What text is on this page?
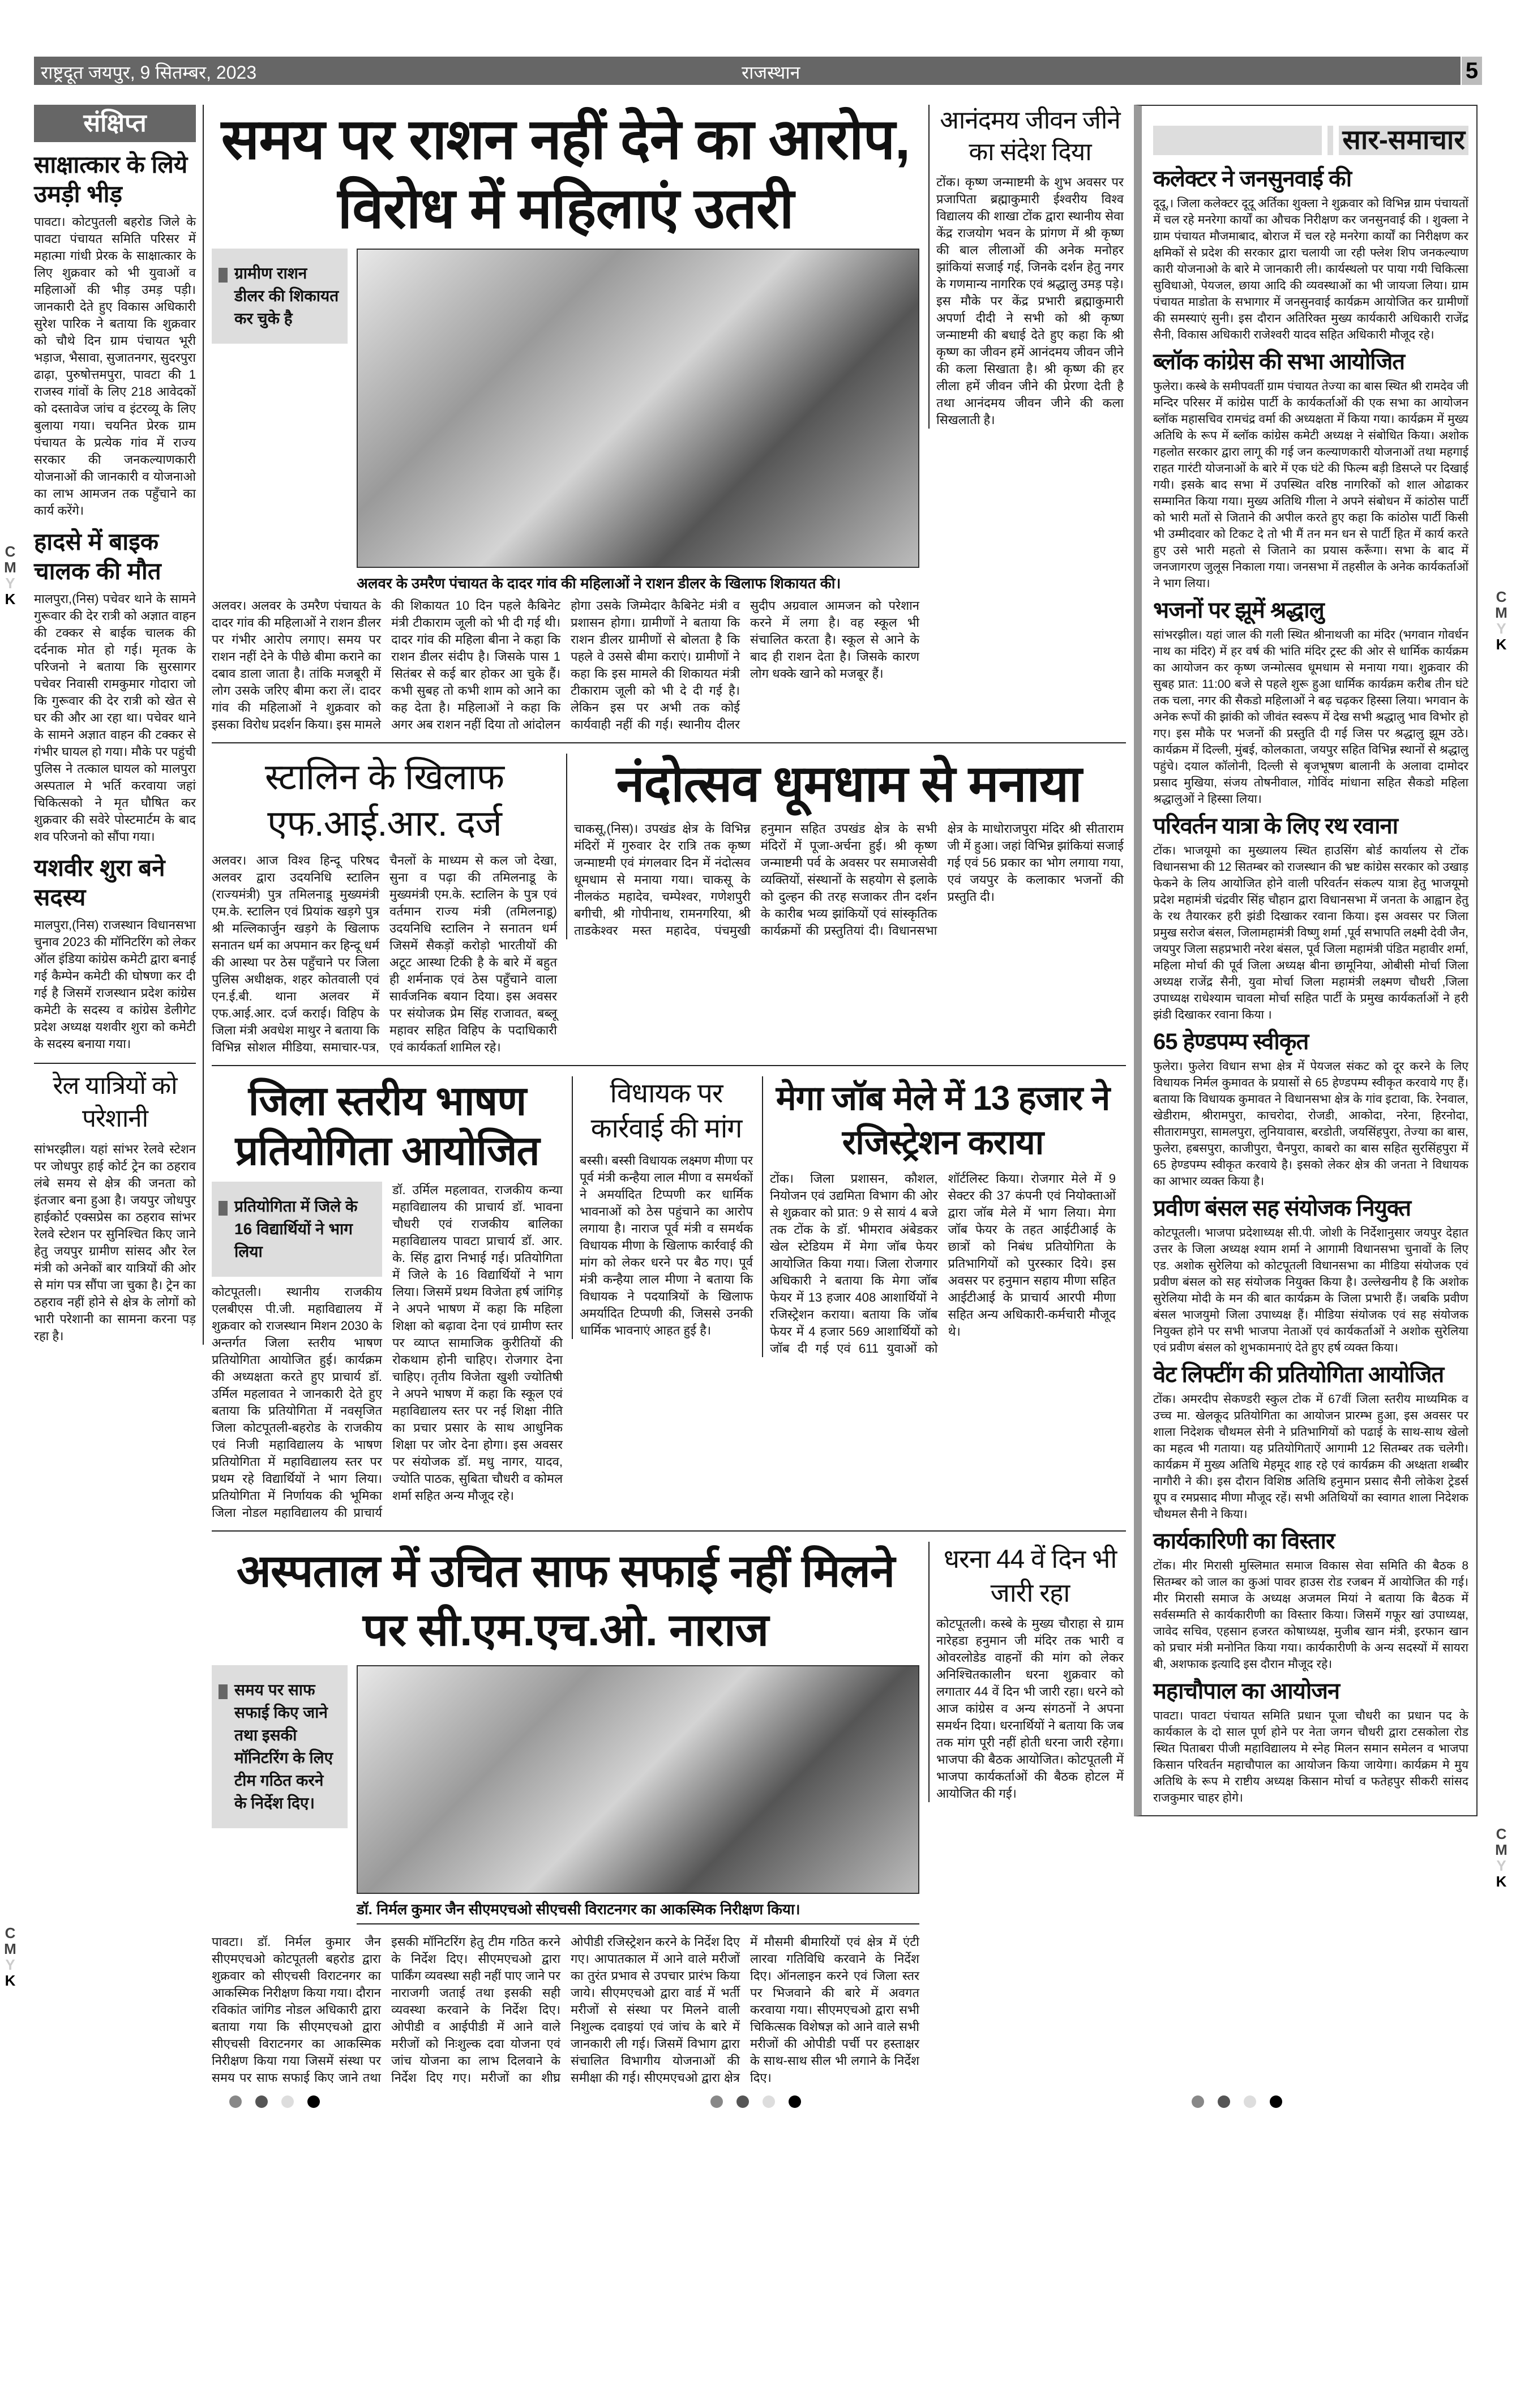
राष्ट्रदूत जयपुर, 9 सितम्बर, 2023	राजस्थान	5
C
M
Y
K	C
M
Y
K
C
M
Y
K
C
M
Y
K
संक्षिप्त
साक्षात्कार के लिये उमड़ी भीड़

पावटा। कोटपुतली बहरोड जिले के पावटा पंचायत समिति परिसर में महात्मा गांधी प्रेरक के साक्षात्कार के लिए शुक्रवार को भी युवाओं व महिलाओं की भीड़ उमड़ पड़ी। जानकारी देते हुए विकास अधिकारी सुरेश पारिक ने बताया कि शुक्रवार को चौथे दिन ग्राम पंचायत भूरी भड़ाज, भैसावा, सुजातनगर, सुदरपुरा ढाढ़ा, पुरुषोत्तमपुरा, पावटा की 1 राजस्व गांवों के लिए 218 आवेदकों को दस्तावेज जांच व इंटरव्यू के लिए बुलाया गया। चयनित प्रेरक ग्राम पंचायत के प्रत्येक गांव में राज्य सरकार की जनकल्याणकारी योजनाओं की जानकारी व योजनाओ का लाभ आमजन तक पहुँचाने का कार्य करेंगे।

हादसे में बाइक चालक की मौत

मालपुरा,(निस) पचेवर थाने के सामने गुरूवार की देर रात्री को अज्ञात वाहन की टक्कर से बाईक चालक की दर्दनाक मोत हो गई। मृतक के परिजनो ने बताया कि सुरसागर पचेवर निवासी रामकुमार गोदारा जो कि गुरूवार की देर रात्री को खेत से घर की और आ रहा था। पचेवर थाने के सामने अज्ञात वाहन की टक्कर से गंभीर घायल हो गया। मौके पर पहुंची पुलिस ने तत्काल घायल को मालपुरा अस्पताल मे भर्ति करवाया जहां चिकित्सको ने मृत घौषित कर शुक्रवार की सवेरे पोस्टमार्टम के बाद शव परिजनो को सौंपा गया।

यशवीर शुरा बने सदस्य

मालपुरा,(निस) राजस्थान विधानसभा चुनाव 2023 की मॉनिटरिंग को लेकर ऑल इंडिया कांग्रेस कमेटी द्वारा बनाई गई कैम्पेन कमेटी की घोषणा कर दी गई है जिसमें राजस्थान प्रदेश कांग्रेस कमेटी के सदस्य व कांग्रेस डेलीगेट प्रदेश अध्यक्ष यशवीर शुरा को कमेटी के सदस्य बनाया गया।

रेल यात्रियों को परेशानी

सांभरझील। यहां सांभर रेलवे स्टेशन पर जोधपुर हाई कोर्ट ट्रेन का ठहराव लंबे समय से क्षेत्र की जनता को इंतजार बना हुआ है। जयपुर जोधपुर हाईकोर्ट एक्सप्रेस का ठहराव सांभर रेलवे स्टेशन पर सुनिश्चित किए जाने हेतु जयपुर ग्रामीण सांसद और रेल मंत्री को अनेकों बार यात्रियों की ओर से मांग पत्र सौंपा जा चुका है। ट्रेन का ठहराव नहीं होने से क्षेत्र के लोगों को भारी परेशानी का सामना करना पड़ रहा है।

समय पर राशन नहीं देने का आरोप, विरोध में महिलाएं उतरी
ग्रामीण राशन डीलर की शिकायत कर चुके है
अलवर के उमरैण पंचायत के दादर गांव की महिलाओं ने राशन डीलर के खिलाफ शिकायत की।

अलवर। अलवर के उमरैण पंचायत के दादर गांव की महिलाओं ने राशन डीलर पर गंभीर आरोप लगाए। समय पर राशन नहीं देने के पीछे बीमा कराने का दबाव डाला जाता है। तांकि मजबूरी में लोग उसके जरिए बीमा करा लें। दादर गांव की महिलाओं ने शुक्रवार को इसका विरोध प्रदर्शन किया। इस मामले की शिकायत 10 दिन पहले कैबिनेट मंत्री टीकाराम जूली को भी दी गई थी। दादर गांव की महिला बीना ने कहा कि राशन डीलर संदीप है। जिसके पास 1 सितंबर से कई बार होकर आ चुके हैं। कभी सुबह तो कभी शाम को आने का कह देता है। महिलाओं ने कहा कि अगर अब राशन नहीं दिया तो आंदोलन होगा उसके जिम्मेदार कैबिनेट मंत्री व प्रशासन होगा। ग्रामीणों ने बताया कि राशन डीलर ग्रामीणों से बोलता है कि पहले वे उससे बीमा कराएं। ग्रामीणों ने कहा कि इस मामले की शिकायत मंत्री टीकाराम जूली को भी दे दी गई है। लेकिन इस पर अभी तक कोई कार्यवाही नहीं की गई। स्थानीय दीलर सुदीप अग्रवाल आमजन को परेशान करने में लगा है। वह स्कूल भी संचालित करता है। स्कूल से आने के बाद ही राशन देता है। जिसके कारण लोग धक्के खाने को मजबूर हैं।

आनंदमय जीवन जीने का संदेश दिया

टोंक। कृष्ण जन्माष्टमी के शुभ अवसर पर प्रजापिता ब्रह्माकुमारी ईश्वरीय विश्व विद्यालय की शाखा टोंक द्वारा स्थानीय सेवा केंद्र राजयोग भवन के प्रांगण में श्री कृष्ण की बाल लीलाओं की अनेक मनोहर झांकियां सजाई गई, जिनके दर्शन हेतु नगर के गणमान्य नागरिक एवं श्रद्धालु उमड़ पड़े। इस मौके पर केंद्र प्रभारी ब्रह्माकुमारी अपर्णा दीदी ने सभी को श्री कृष्ण जन्माष्टमी की बधाई देते हुए कहा कि श्री कृष्ण का जीवन हमें आनंदमय जीवन जीने की कला सिखाता है। श्री कृष्ण की हर लीला हमें जीवन जीने की प्रेरणा देती है तथा आनंदमय जीवन जीने की कला सिखलाती है।

स्टालिन के खिलाफ एफ.आई.आर. दर्ज

अलवर। आज विश्व हिन्दू परिषद अलवर द्वारा उदयनिधि स्टालिन (राज्यमंत्री) पुत्र तमिलनाडू मुख्यमंत्री एम.के. स्टालिन एवं प्रियांक खड़गे पुत्र श्री मल्लिकार्जुन खड़गे के खिलाफ सनातन धर्म का अपमान कर हिन्दू धर्म की आस्था पर ठेस पहुँचाने पर जिला पुलिस अधीक्षक, शहर कोतवाली एवं एन.ई.बी. थाना अलवर में एफ.आई.आर. दर्ज कराई। विहिप के जिला मंत्री अवधेश माथुर ने बताया कि विभिन्न सोशल मीडिया, समाचार-पत्र, चैनलों के माध्यम से कल जो देखा, सुना व पढ़ा की तमिलनाडू के मुख्यमंत्री एम.के. स्टालिन के पुत्र एवं वर्तमान राज्य मंत्री (तमिलनाडू) उदयनिधि स्टालिन ने सनातन धर्म जिसमें सैकड़ों करोड़ो भारतीयों की अटूट आस्था टिकी है के बारे में बहुत ही शर्मनाक एवं ठेस पहुँचाने वाला सार्वजनिक बयान दिया। इस अवसर पर संयोजक प्रेम सिंह राजावत, बब्लू महावर सहित विहिप के पदाधिकारी एवं कार्यकर्ता शामिल रहे।

नंदोत्सव धूमधाम से मनाया

चाकसू,(निस)। उपखंड क्षेत्र के विभिन्न मंदिरों में गुरुवार देर रात्रि तक कृष्ण जन्माष्टमी एवं मंगलवार दिन में नंदोत्सव धूमधाम से मनाया गया। चाकसू के नीलकंठ महादेव, चम्पेश्वर, गणेशपुरी बगीची, श्री गोपीनाथ, रामनगरिया, श्री ताडकेश्वर मस्त महादेव, पंचमुखी हनुमान सहित उपखंड क्षेत्र के सभी मंदिरों में पूजा-अर्चना हुई। श्री कृष्ण जन्माष्टमी पर्व के अवसर पर समाजसेवी व्यक्तियों, संस्थानों के सहयोग से इलाके को दुल्हन की तरह सजाकर तीन दर्शन के कारीब भव्य झांकियों एवं सांस्कृतिक कार्यक्रमों की प्रस्तुतियां दी। विधानसभा क्षेत्र के माधोराजपुरा मंदिर श्री सीताराम जी में हुआ। जहां विभिन्न झांकियां सजाई गई एवं 56 प्रकार का भोग लगाया गया, एवं जयपुर के कलाकार भजनों की प्रस्तुति दी।

जिला स्तरीय भाषण प्रतियोगिता आयोजित
प्रतियोगिता में जिले के 16 विद्यार्थियों ने भाग लिया

कोटपूतली। स्थानीय राजकीय एलबीएस पी.जी. महाविद्यालय में शुक्रवार को राजस्थान मिशन 2030 के अन्तर्गत जिला स्तरीय भाषण प्रतियोगिता आयोजित हुई। कार्यक्रम की अध्यक्षता करते हुए प्राचार्य डॉ. उर्मिल महलावत ने जानकारी देते हुए बताया कि प्रतियोगिता में नवसृजित जिला कोटपूतली-बहरोड के राजकीय एवं निजी महाविद्यालय के भाषण प्रतियोगिता में महाविद्यालय स्तर पर प्रथम रहे विद्यार्थियों ने भाग लिया। प्रतियोगिता में निर्णायक की भूमिका जिला नोडल महाविद्यालय की प्राचार्य डॉ. उर्मिल महलावत, राजकीय कन्या महाविद्यालय की प्राचार्य डॉ. भावना चौधरी एवं राजकीय बालिका महाविद्यालय पावटा प्राचार्य डॉ. आर. के. सिंह द्वारा निभाई गई। प्रतियोगिता में जिले के 16 विद्यार्थियों ने भाग लिया। जिसमें प्रथम विजेता हर्ष जांगिड़ ने अपने भाषण में कहा कि महिला शिक्षा को बढ़ावा देना एवं ग्रामीण स्तर पर व्याप्त सामाजिक कुरीतियों की रोकथाम होनी चाहिए। रोजगार देना चाहिए। तृतीय विजेता खुशी ज्योतिषी ने अपने भाषण में कहा कि स्कूल एवं महाविद्यालय स्तर पर नई शिक्षा नीति का प्रचार प्रसार के साथ आधुनिक शिक्षा पर जोर देना होगा। इस अवसर पर संयोजक डॉ. मधु नागर, यादव, ज्योति पाठक, सुबिता चौधरी व कोमल शर्मा सहित अन्य मौजूद रहे।

विधायक पर कार्रवाई की मांग

बस्सी। बस्सी विधायक लक्ष्मण मीणा पर पूर्व मंत्री कन्हैया लाल मीणा व समर्थकों ने अमर्यादित टिप्पणी कर धार्मिक भावनाओं को ठेस पहुंचाने का आरोप लगाया है। नाराज पूर्व मंत्री व समर्थक विधायक मीणा के खिलाफ कार्रवाई की मांग को लेकर धरने पर बैठ गए। पूर्व मंत्री कन्हैया लाल मीणा ने बताया कि विधायक ने पदयात्रियों के खिलाफ अमर्यादित टिप्पणी की, जिससे उनकी धार्मिक भावनाएं आहत हुई है।

मेगा जॉब मेले में 13 हजार ने रजिस्ट्रेशन कराया

टोंक। जिला प्रशासन, कौशल, नियोजन एवं उद्यमिता विभाग की ओर से शुक्रवार को प्रात: 9 से सायं 4 बजे तक टोंक के डॉ. भीमराव अंबेडकर खेल स्टेडियम में मेगा जॉब फेयर आयोजित किया गया। जिला रोजगार अधिकारी ने बताया कि मेगा जॉब फेयर में 13 हजार 408 आशार्थियों ने रजिस्ट्रेशन कराया। बताया कि जॉब फेयर में 4 हजार 569 आशार्थियों को जॉब दी गई एवं 611 युवाओं को शॉर्टलिस्ट किया। रोजगार मेले में 9 सेक्टर की 37 कंपनी एवं नियोक्ताओं द्वारा जॉब मेले में भाग लिया। मेगा जॉब फेयर के तहत आईटीआई के छात्रों को निबंध प्रतियोगिता के प्रतिभागियों को पुरस्कार दिये। इस अवसर पर हनुमान सहाय मीणा सहित आईटीआई के प्राचार्य आरपी मीणा सहित अन्य अधिकारी-कर्मचारी मौजूद थे।

अस्पताल में उचित साफ सफाई नहीं मिलने पर सी.एम.एच.ओ. नाराज
समय पर साफ सफाई किए जाने तथा इसकी मॉनिटरिंग के लिए टीम गठित करने के निर्देश दिए।
डॉ. निर्मल कुमार जैन सीएमएचओ सीएचसी विराटनगर का आकस्मिक निरीक्षण किया।

पावटा। डॉ. निर्मल कुमार जैन सीएमएचओ कोटपूतली बहरोड द्वारा शुक्रवार को सीएचसी विराटनगर का आकस्मिक निरीक्षण किया गया। दौरान रविकांत जांगिड नोडल अधिकारी द्वारा बताया गया कि सीएमएचओ द्वारा सीएचसी विराटनगर का आकस्मिक निरीक्षण किया गया जिसमें संस्था पर समय पर साफ सफाई किए जाने तथा इसकी मॉनिटरिंग हेतु टीम गठित करने के निर्देश दिए। सीएमएचओ द्वारा पार्किंग व्यवस्था सही नहीं पाए जाने पर नाराजगी जताई तथा इसकी सही व्यवस्था करवाने के निर्देश दिए। ओपीडी व आईपीडी में आने वाले मरीजों को निःशुल्क दवा योजना एवं जांच योजना का लाभ दिलवाने के निर्देश दिए गए। मरीजों का शीघ्र ओपीडी रजिस्ट्रेशन करने के निर्देश दिए गए। आपातकाल में आने वाले मरीजों का तुरंत प्रभाव से उपचार प्रारंभ किया जाये। सीएमएचओ द्वारा वार्ड में भर्ती मरीजों से संस्था पर मिलने वाली निशुल्क दवाइयां एवं जांच के बारे में जानकारी ली गई। जिसमें विभाग द्वारा संचालित विभागीय योजनाओं की समीक्षा की गई। सीएमएचओ द्वारा क्षेत्र में मौसमी बीमारियों एवं क्षेत्र में एंटी लारवा गतिविधि करवाने के निर्देश दिए। ऑनलाइन करने एवं जिला स्तर पर भिजवाने की बारे में अवगत करवाया गया। सीएमएचओ द्वारा सभी चिकित्सक विशेषज्ञ को आने वाले सभी मरीजों की ओपीडी पर्ची पर हस्ताक्षर के साथ-साथ सील भी लगाने के निर्देश दिए।

धरना 44 वें दिन भी जारी रहा

कोटपूतली। कस्बे के मुख्य चौराहा से ग्राम नारेहडा हनुमान जी मंदिर तक भारी व ओवरलोडेड वाहनों की मांग को लेकर अनिश्चितकालीन धरना शुक्रवार को लगातार 44 वें दिन भी जारी रहा। धरने को आज कांग्रेस व अन्य संगठनों ने अपना समर्थन दिया। धरनार्थियों ने बताया कि जब तक मांग पूरी नहीं होती धरना जारी रहेगा। भाजपा की बैठक आयोजित। कोटपूतली में भाजपा कार्यकर्ताओं की बैठक होटल में आयोजित की गई।

सार-समाचार
कलेक्टर ने जनसुनवाई की

दूदू,। जिला कलेक्टर दूदू अर्तिका शुक्ला ने शुक्रवार को विभिन्न ग्राम पंचायतों में चल रहे मनरेगा कार्यों का औचक निरीक्षण कर जनसुनवाई की । शुक्ला ने ग्राम पंचायत मौजमाबाद, बोराज में चल रहे मनरेगा कार्यों का निरीक्षण कर क्षमिकों से प्रदेश की सरकार द्वारा चलायी जा रही फ्लेश शिप जनकल्याण कारी योजनाओ के बारे मे जानकारी ली। कार्यस्थलो पर पाया गयी चिकित्सा सुविधाओ, पेयजल, छाया आदि की व्यवस्थाओं का भी जायजा लिया। ग्राम पंचायत माडोता के सभागार में जनसुनवाई कार्यक्रम आयोजित कर ग्रामीणों की समस्याएं सुनी। इस दौरान अतिरिक्त मुख्य कार्यकारी अधिकारी राजेंद्र सैनी, विकास अधिकारी राजेश्वरी यादव सहित अधिकारी मौजूद रहे।

ब्लॉक कांग्रेस की सभा आयोजित

फुलेरा। कस्बे के समीपवर्ती ग्राम पंचायत तेज्या का बास स्थित श्री रामदेव जी मन्दिर परिसर में कांग्रेस पार्टी के कार्यकर्ताओं की एक सभा का आयोजन ब्लॉक महासचिव रामचंद्र वर्मा की अध्यक्षता में किया गया। कार्यक्रम में मुख्य अतिथि के रूप में ब्लॉक कांग्रेस कमेटी अध्यक्ष ने संबोधित किया। अशोक गहलोत सरकार द्वारा लागू की गई जन कल्याणकारी योजनाओं तथा महगाई राहत गारंटी योजनाओं के बारे में एक घंटे की फिल्म बड़ी डिसप्ले पर दिखाई गयी। इसके बाद सभा में उपस्थित वरिष्ठ नागरिकों को शाल ओढाकर सम्मानित किया गया। मुख्य अतिथि गीला ने अपने संबोधन में कांठोस पार्टी को भारी मतों से जिताने की अपील करते हुए कहा कि कांठोस पार्टी किसी भी उम्मीदवार को टिकट दे तो भी मैं तन मन धन से पार्टी हित में कार्य करते हुए उसे भारी महतो से जिताने का प्रयास करूँगा। सभा के बाद में जनजागरण जुलूस निकाला गया। जनसभा में तहसील के अनेक कार्यकर्ताओं ने भाग लिया।

भजनों पर झूमें श्रद्धालु

सांभरझील। यहां जाल की गली स्थित श्रीनाथजी का मंदिर (भगवान गोवर्धन नाथ का मंदिर) में हर वर्ष की भांति मंदिर ट्रस्ट की ओर से धार्मिक कार्यक्रम का आयोजन कर कृष्ण जन्मोत्सव धूमधाम से मनाया गया। शुक्रवार की सुबह प्रात: 11:00 बजे से पहले शुरू हुआ धार्मिक कार्यक्रम करीब तीन घंटे तक चला, नगर की सैकडो महिलाओं ने बढ़ चढ़कर हिस्सा लिया। भगवान के अनेक रूपों की झांकी को जीवंत स्वरूप में देख सभी श्रद्धालु भाव विभोर हो गए। इस मौके पर भजनों की प्रस्तुति दी गई जिस पर श्रद्धालु झूम उठे। कार्यक्रम में दिल्ली, मुंबई, कोलकाता, जयपुर सहित विभिन्न स्थानों से श्रद्धालु पहुंचे। दयाल कॉलोनी, दिल्ली से बृजभूषण बालानी के अलावा दामोदर प्रसाद मुखिया, संजय तोषनीवाल, गोविंद मांधाना सहित सैकडो महिला श्रद्धालुओं ने हिस्सा लिया।

परिवर्तन यात्रा के लिए रथ रवाना

टोंक। भाजयूमो का मुख्यालय स्थित हाउसिंग बोर्ड कार्यालय से टोंक विधानसभा की 12 सितम्बर को राजस्थान की भ्रष्ट कांग्रेस सरकार को उखाड़ फेकने के लिय आयोजित होने वाली परिवर्तन संकल्प यात्रा हेतु भाजयूमो प्रदेश महामंत्री चंद्रवीर सिंह चौहान द्वारा विधानसभा में जनता के आह्वान हेतु के रथ तैयारकर हरी झंडी दिखाकर रवाना किया। इस अवसर पर जिला प्रमुख सरोज बंसल, जिलामहामंत्री विष्णु शर्मा ,पूर्व सभापति लक्ष्मी देवी जैन, जयपुर जिला सहप्रभारी नरेश बंसल, पूर्व जिला महामंत्री पंडित महावीर शर्मा, महिला मोर्चा की पूर्व जिला अध्यक्ष बीना छामूनिया, ओबीसी मोर्चा जिला अध्यक्ष राजेंद्र सैनी, युवा मोर्चा जिला महामंत्री लक्ष्मण चौधरी ,जिला उपाध्यक्ष राधेश्याम चावला मोर्चा सहित पार्टी के प्रमुख कार्यकर्ताओं ने हरी झंडी दिखाकर रवाना किया ।

65 हेण्डपम्प स्वीकृत

फुलेरा। फुलेरा विधान सभा क्षेत्र में पेयजल संकट को दूर करने के लिए विधायक निर्मल कुमावत के प्रयासों से 65 हेण्डपम्प स्वीकृत करवाये गए हैं। बताया कि विधायक कुमावत ने विधानसभा क्षेत्र के गांव इटावा, कि. रेनवाल, खेडीराम, श्रीरामपुरा, काचरोदा, रोजडी, आकोदा, नरेना, हिरनोदा, सीतारामपुरा, सामलपुरा, लुनियावास, बरडोती, जयसिंहपुरा, तेज्या का बास, फुलेरा, हबसपुरा, काजीपुरा, चैनपुरा, काबरो का बास सहित सुरसिंहपुरा में 65 हेण्डपम्प स्वीकृत करवाये है। इसको लेकर क्षेत्र की जनता ने विधायक का आभार व्यक्त किया है।

प्रवीण बंसल सह संयोजक नियुक्त

कोटपूतली। भाजपा प्रदेशाध्यक्ष सी.पी. जोशी के निर्देशानुसार जयपुर देहात उत्तर के जिला अध्यक्ष श्याम शर्मा ने आगामी विधानसभा चुनावों के लिए एड. अशोक सुरेलिया को कोटपूतली विधानसभा का मीडिया संयोजक एवं प्रवीण बंसल को सह संयोजक नियुक्त किया है। उल्लेखनीय है कि अशोक सुरेलिया मोदी के मन की बात कार्यक्रम के जिला प्रभारी हैं। जबकि प्रवीण बंसल भाजयुमो जिला उपाध्यक्ष हैं। मीडिया संयोजक एवं सह संयोजक नियुक्त होने पर सभी भाजपा नेताओं एवं कार्यकर्ताओं ने अशोक सुरेलिया एवं प्रवीण बंसल को शुभकामनाएं देते हुए हर्ष व्यक्त किया।

वेट लिफ्टींग की प्रतियोगिता आयोजित

टोंक। अमरदीप सेकण्डरी स्कुल टोक में 67वीं जिला स्तरीय माध्यमिक व उच्च मा. खेलकूद प्रतियोगिता का आयोजन प्रारम्भ हुआ, इस अवसर पर शाला निदेशक चौथमल सेनी ने प्रतिभागियों को पढाई के साथ-साथ खेलो का महत्व भी गताया। यह प्रतियोगिताऐं आगामी 12 सितम्बर तक चलेगी। कार्यक्रम में मुख्य अतिथि मेहमूद शाह रहे एवं कार्यक्रम की अध्क्षता शब्बीर नागौरी ने की। इस दौरान विशिष्ठ अतिथि हनुमान प्रसाद सैनी लोकेश ट्रेडर्स ग्रूप व रमप्रसाद मीणा मौजूद रहें। सभी अतिथियों का स्वागत शाला निदेशक चौथमल सैनी ने किया।

कार्यकारिणी का विस्तार

टोंक। मीर मिरासी मुस्लिमात समाज विकास सेवा समिति की बैठक 8 सितम्बर को जाल का कुआं पावर हाउस रोड रजबन में आयोजित की गई। मीर मिरासी समाज के अध्यक्ष अजमल मियां ने बताया कि बैठक में सर्वसम्मति से कार्यकारीणी का विस्तार किया। जिसमें गफूर खां उपाध्यक्ष, जावेद सचिव, एहसान हजरत कोषाध्यक्ष, मुजीब खान मंत्री, इरफान खान को प्रचार मंत्री मनोनित किया गया। कार्यकारीणी के अन्य सदस्यों में सायरा बी, अशफाक इत्यादि इस दौरान मौजूद रहे।

महाचौपाल का आयोजन

पावटा। पावटा पंचायत समिति प्रधान पूजा चौधरी का प्रधान पद के कार्यकाल के दो साल पूर्ण होने पर नेता जगन चौधरी द्वारा टसकोला रोड स्थित पिताबरा पीजी महाविद्यालय मे स्नेह मिलन समान समेलन व भाजपा किसान परिवर्तन महाचौपाल का आयोजन किया जायेगा। कार्यक्रम मे मुय अतिथि के रूप मे राष्टीय अध्यक्ष किसान मोर्चा व फतेहपुर सीकरी सांसद राजकुमार चाहर होगे।
